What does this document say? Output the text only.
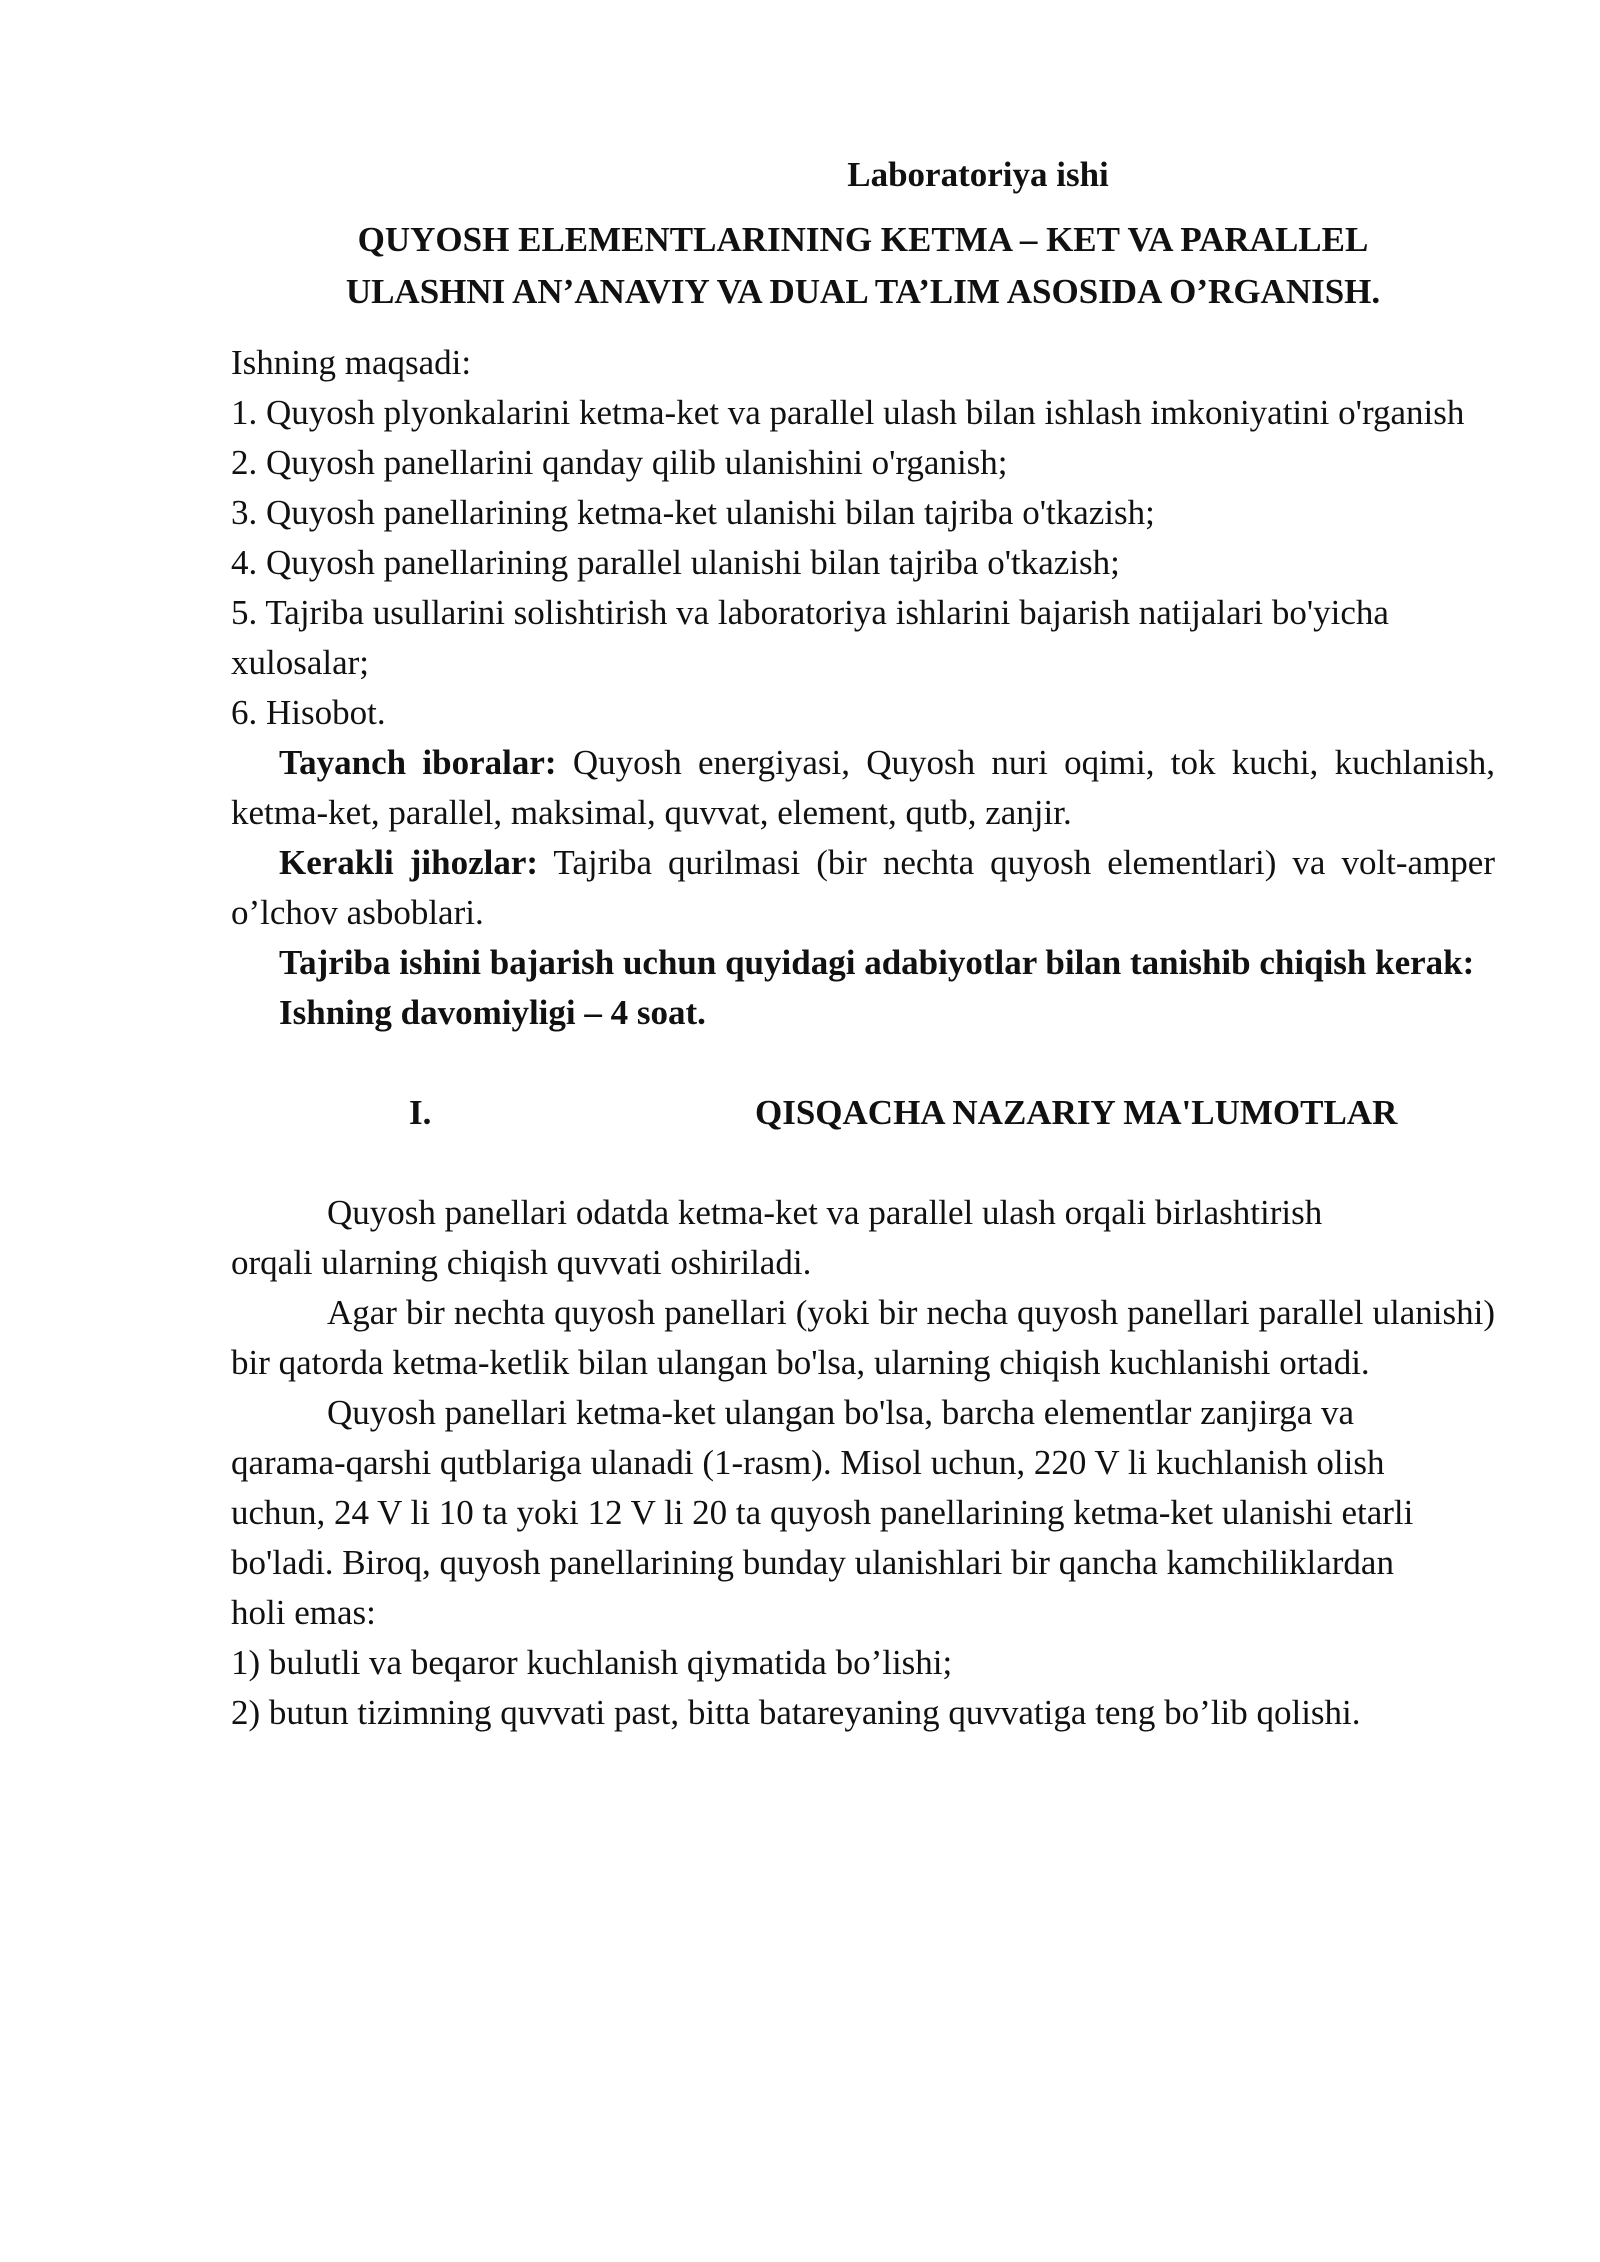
Laboratoriya ishi

QUYOSH ELEMENTLARINING KETMA – KET VA PARALLEL
ULASHNI AN’ANAVIY VA DUAL TA’LIM ASOSIDA O’RGANISH.

Ishning maqsadi:

1. Quyosh plyonkalarini ketma-ket va parallel ulash bilan ishlash imkoniyatini o'rganish
2. Quyosh panellarini qanday qilib ulanishini o'rganish;
3. Quyosh panellarining ketma-ket ulanishi bilan tajriba o'tkazish;
4. Quyosh panellarining parallel ulanishi bilan tajriba o'tkazish;
5. Tajriba usullarini solishtirish va laboratoriya ishlarini bajarish natijalari bo'yicha xulosalar;
6. Hisobot.

Tayanch iboralar: Quyosh energiyasi, Quyosh nuri oqimi, tok kuchi, kuchlanish, ketma-ket, parallel, maksimal, quvvat, element, qutb, zanjir.

Kerakli jihozlar: Tajriba qurilmasi (bir nechta quyosh elementlari) va volt-amper o’lchov asboblari.

Tajriba ishini bajarish uchun quyidagi adabiyotlar bilan tanishib chiqish kerak:

Ishning davomiyligi – 4 soat.

I.	QISQACHA NAZARIY MA'LUMOTLAR

Quyosh panellari odatda ketma-ket va parallel ulash orqali birlashtirish orqali ularning chiqish quvvati oshiriladi.

Agar bir nechta quyosh panellari (yoki bir necha quyosh panellari parallel ulanishi) bir qatorda ketma-ketlik bilan ulangan bo'lsa, ularning chiqish kuchlanishi ortadi.

Quyosh panellari ketma-ket ulangan bo'lsa, barcha elementlar zanjirga va qarama-qarshi qutblariga ulanadi (1-rasm). Misol uchun, 220 V li kuchlanish olish uchun, 24 V li 10 ta yoki 12 V li 20 ta quyosh panellarining ketma-ket ulanishi etarli bo'ladi. Biroq, quyosh panellarining bunday ulanishlari bir qancha kamchiliklardan holi emas:

1) bulutli va beqaror kuchlanish qiymatida bo’lishi;

2) butun tizimning quvvati past, bitta batareyaning quvvatiga teng bo’lib qolishi.
